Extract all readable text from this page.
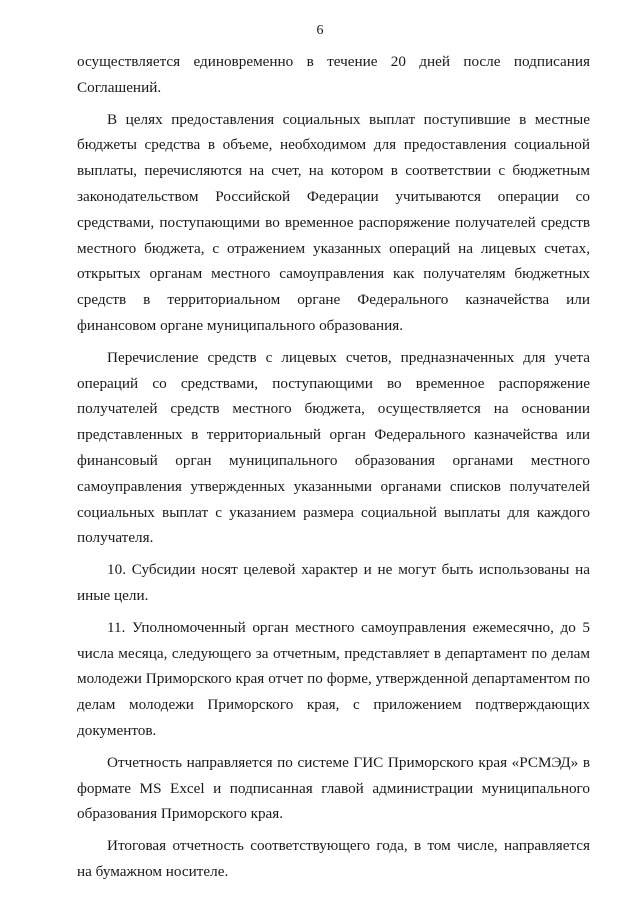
6

осуществляется единовременно в течение 20 дней после подписания Соглашений.

В целях предоставления социальных выплат поступившие в местные бюджеты средства в объеме, необходимом для предоставления социальной выплаты, перечисляются на счет, на котором в соответствии с бюджетным законодательством Российской Федерации учитываются операции со средствами, поступающими во временное распоряжение получателей средств местного бюджета, с отражением указанных операций на лицевых счетах, открытых органам местного самоуправления как получателям бюджетных средств в территориальном органе Федерального казначейства или финансовом органе муниципального образования.

Перечисление средств с лицевых счетов, предназначенных для учета операций со средствами, поступающими во временное распоряжение получателей средств местного бюджета, осуществляется на основании представленных в территориальный орган Федерального казначейства или финансовый орган муниципального образования органами местного самоуправления утвержденных указанными органами списков получателей социальных выплат с указанием размера социальной выплаты для каждого получателя.

10. Субсидии носят целевой характер и не могут быть использованы на иные цели.

11. Уполномоченный орган местного самоуправления ежемесячно, до 5 числа месяца, следующего за отчетным, представляет в департамент по делам молодежи Приморского края отчет по форме, утвержденной департаментом по делам молодежи Приморского края, с приложением подтверждающих документов.

Отчетность направляется по системе ГИС Приморского края «РСМЭД» в формате MS Excel и подписанная главой администрации муниципального образования Приморского края.

Итоговая отчетность соответствующего года, в том числе, направляется на бумажном носителе.
